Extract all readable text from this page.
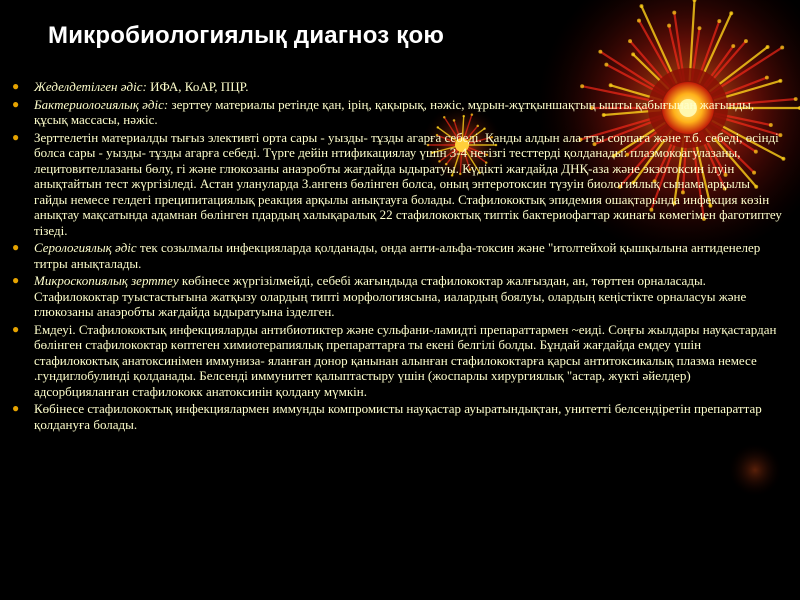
Микробиологиялық диагноз қою
● Жеделдетілген әдіс: ИФА, КоАР, ПЦР.
● Бактериологиялық әдіс: зерттеу материалы ретінде қан, ірің, қақырық, нәжіс, мұрын-жұтқыншақтың ышты қабығынан жағынды, құсық массасы, нәжіс.
● Зерттелетін материалды тығыз элективті орта сары - уызды- тұзды агарға себеді. Қанды алдын ала тты сорпаға және т.б. себеді, өсінді болса сары - уызды- тұзды агарға себеді. Түрге дейін нтификациялау үшін 3-4 негізгі тесттерді қолданады: плазмокоагулазаны, лецитовителлазаны бөлу, гі және глюкозаны анаэробты жағдайда ыдыратуы. Күдікті жағдайда ДНҚ-аза және экзотоксин ілуін анықтайтын тест жүргізіледі. Астан улануларда З.ангенз бөлінген болса, оның энтеротоксин түзуін биологиялық сынама арқылы гайды немесе гелдегі преципитациялық реакция арқылы анықтауға болады. Стафилококтық эпидемия ошақтарында инфекция көзін анықтау мақсатында адамнан бөлінген пдардың халықаралық 22 стафилококтық типтік бактериофагтар жинағы көмегімен фаготиптеу тізеді.
● Серологиялық әдіс тек созылмалы инфекцияларда қолданады, онда анти-альфа-токсин және "итолтейхой қышқылына антиденелер титры анықталады.
● Микроскопиялық зерттеу көбінесе жүргізілмейді, себебі жағындыда стафилококтар жалғыздан, ан, төрттен орналасады. Стафилококтар туыстастығына жатқызу олардың типті морфологиясына, иалардың боялуы, олардың кеңістікте орналасуы және глюкозаны анаэробты жағдайда ыдыратуына ізделген.
● Емдеуі. Стафилококтық инфекцияларды антибиотиктер және сульфани-ламидті препараттармен ~еиді. Соңғы жылдары науқастардан бөлінген стафилококтар көптеген химиотерапиялық препараттарға ты екені белгілі болды. Бұндай жағдайда емдеу үшін стафилококтық анатоксинімен иммуниза- яланған донор қанынан алынған стафилококтарға қарсы антитоксикалық плазма немесе .гундиглобулинді қолданады. Белсенді иммунитет қалыптастыру үшін (жоспарлы хирургиялық "астар, жүкті әйелдер) адсорбцияланған стафилококк анатоксинін қолдану мүмкін.
● Көбінесе стафилококтық инфекциялармен иммунды компромисты науқастар ауыратындықтан, унитетті белсендіретін препараттар қолдануға болады.
